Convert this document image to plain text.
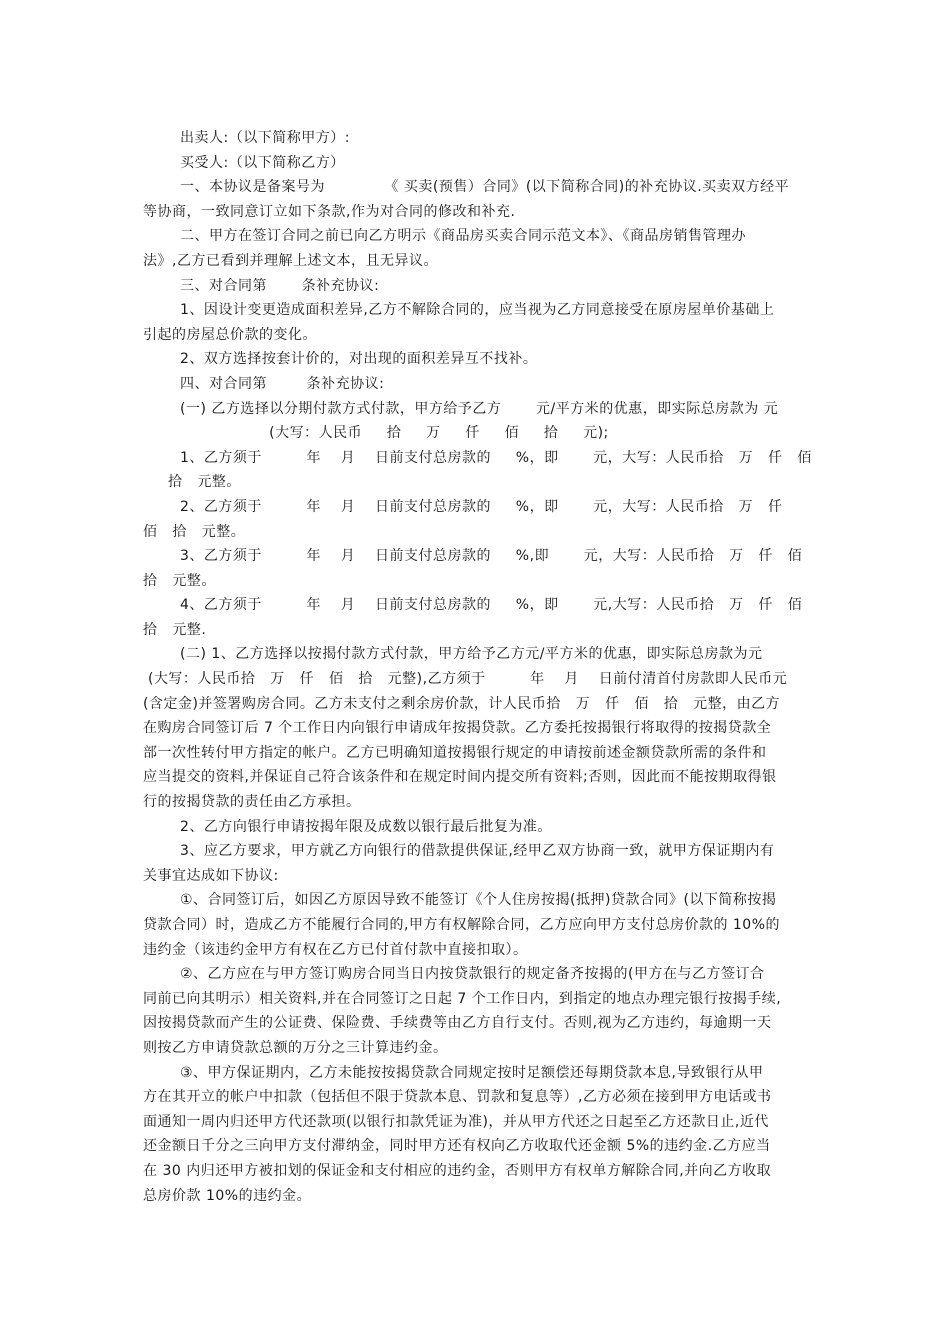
出卖人:（以下简称甲方）:
买受人:（以下简称乙方）
一、本协议是备案号为            《 买卖(预售）合同》(以下简称合同)的补充协议.买卖双方经平
等协商，一致同意订立如下条款,作为对合同的修改和补充.
二、甲方在签订合同之前已向乙方明示《商品房买卖合同示范文本》、《商品房销售管理办
法》,乙方已看到并理解上述文本，且无异议。
三、对合同第       条补充协议:
1、因设计变更造成面积差异,乙方不解除合同的，应当视为乙方同意接受在原房屋单价基础上
引起的房屋总价款的变化。
2、双方选择按套计价的，对出现的面积差异互不找补。
四、对合同第        条补充协议:
(一) 乙方选择以分期付款方式付款，甲方给予乙方       元/平方米的优惠，即实际总房款为 元
(大写：人民币     拾     万     仟     佰     拾     元);
1、乙方须于         年    月    日前支付总房款的     %，即       元，大写：人民币拾   万   仟   佰
拾   元整。
2、乙方须于         年    月    日前支付总房款的     %，即       元，大写：人民币拾   万   仟
佰   拾   元整。
3、乙方须于         年    月    日前支付总房款的     %,即       元，大写：人民币拾   万   仟   佰
拾   元整。
4、乙方须于         年    月    日前支付总房款的     %，即       元,大写：人民币拾   万   仟   佰
拾   元整.
(二) 1、乙方选择以按揭付款方式付款，甲方给予乙方元/平方米的优惠，即实际总房款为元
(大写：人民币拾   万   仟   佰   拾   元整),乙方须于         年    月    日前付清首付房款即人民币元
(含定金)并签署购房合同。乙方未支付之剩余房价款，计人民币拾   万   仟   佰   拾   元整，由乙方
在购房合同签订后 7 个工作日内向银行申请成年按揭贷款。乙方委托按揭银行将取得的按揭贷款全
部一次性转付甲方指定的帐户。乙方已明确知道按揭银行规定的申请按前述金额贷款所需的条件和
应当提交的资料,并保证自己符合该条件和在规定时间内提交所有资料;否则，因此而不能按期取得银
行的按揭贷款的责任由乙方承担。
2、乙方向银行申请按揭年限及成数以银行最后批复为准。
3、应乙方要求，甲方就乙方向银行的借款提供保证,经甲乙双方协商一致，就甲方保证期内有
关事宜达成如下协议:
①、合同签订后，如因乙方原因导致不能签订《个人住房按揭(抵押)贷款合同》(以下简称按揭
贷款合同）时，造成乙方不能履行合同的,甲方有权解除合同，乙方应向甲方支付总房价款的 10%的
违约金（该违约金甲方有权在乙方已付首付款中直接扣取）。
②、乙方应在与甲方签订购房合同当日内按贷款银行的规定备齐按揭的(甲方在与乙方签订合
同前已向其明示）相关资料,并在合同签订之日起 7 个工作日内，到指定的地点办理完银行按揭手续,
因按揭贷款而产生的公证费、保险费、手续费等由乙方自行支付。否则,视为乙方违约，每逾期一天
则按乙方申请贷款总额的万分之三计算违约金。
③、甲方保证期内，乙方未能按按揭贷款合同规定按时足额偿还每期贷款本息,导致银行从甲
方在其开立的帐户中扣款（包括但不限于贷款本息、罚款和复息等）,乙方必须在接到甲方电话或书
面通知一周内归还甲方代还款项(以银行扣款凭证为准)，并从甲方代还之日起至乙方还款日止,近代
还金额日千分之三向甲方支付滞纳金，同时甲方还有权向乙方收取代还金额 5%的违约金.乙方应当
在 30 内归还甲方被扣划的保证金和支付相应的违约金，否则甲方有权单方解除合同,并向乙方收取
总房价款 10%的违约金。
